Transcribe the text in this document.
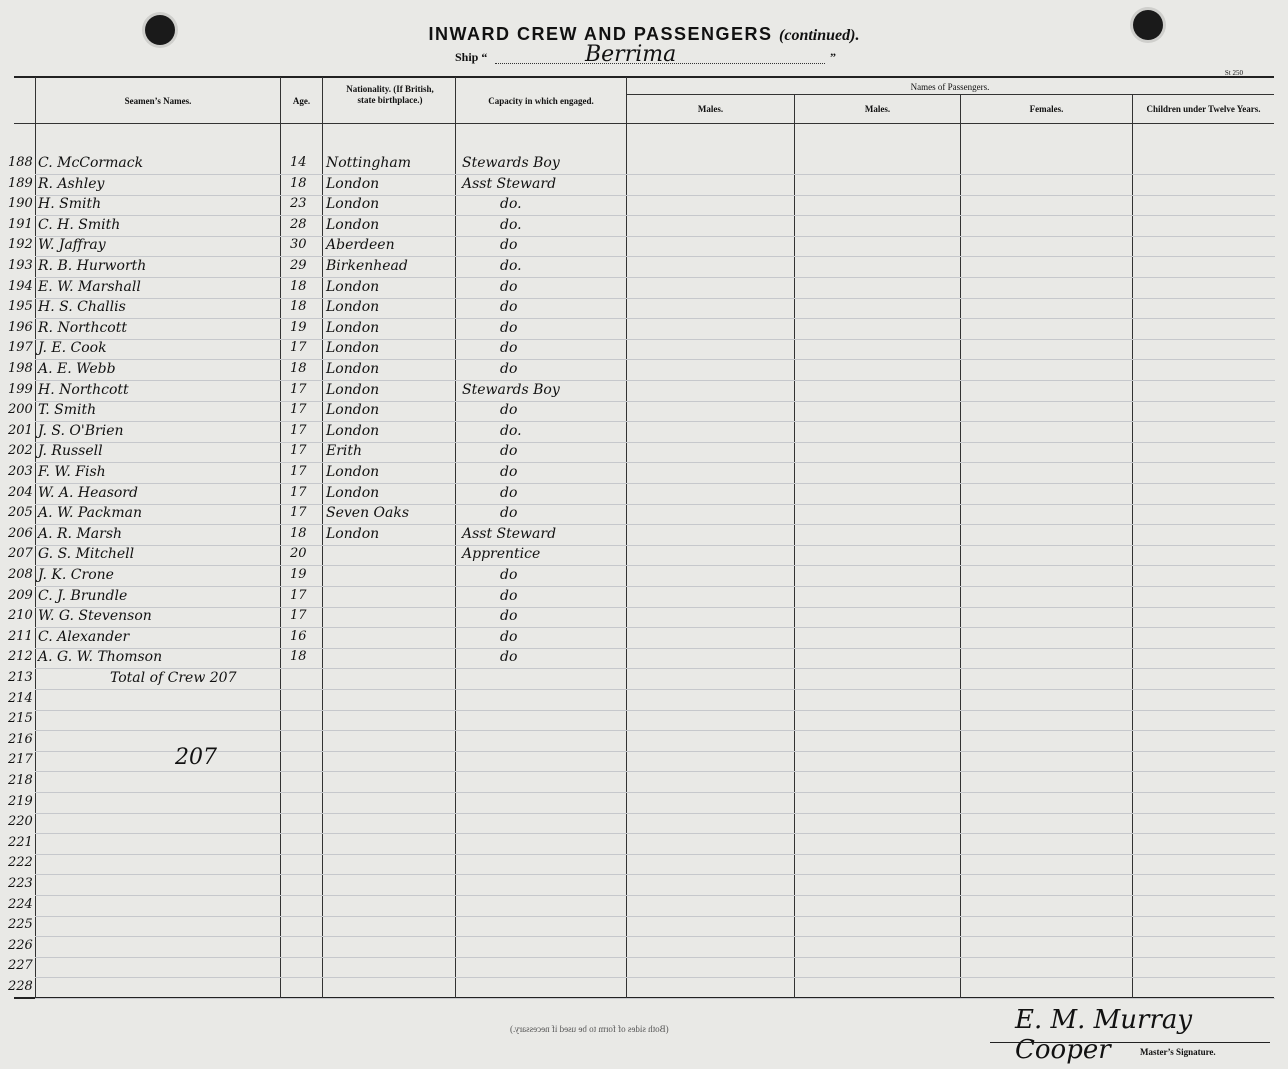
INWARD CREW AND PASSENGERS (continued).
Ship “	Berrima	”
St 250
Seamen’s Names.	Age.
Nationality. (If British, state birthplace.)	Capacity in which engaged.
Names of Passengers.
Males.	Males.	Females.	Children under Twelve Years.
188 C. McCormack	14 Nottingham	Stewards Boy
189 R. Ashley	18 London	Asst Steward
190 H. Smith	23 London	do.
191 C. H. Smith	28 London	do.
192 W. Jaffray	30 Aberdeen	do
193 R. B. Hurworth	29 Birkenhead	do.
194 E. W. Marshall	18 London	do
195 H. S. Challis	18 London	do
196 R. Northcott	19 London	do
197 J. E. Cook	17 London	do
198 A. E. Webb	18 London	do
199 H. Northcott	17 London	Stewards Boy
200 T. Smith	17 London	do
201 J. S. O'Brien	17 London	do.
202 J. Russell	17 Erith	do
203 F. W. Fish	17 London	do
204 W. A. Heasord	17 London	do
205 A. W. Packman	17 Seven Oaks	do
206 A. R. Marsh	18 London	Asst Steward
207 G. S. Mitchell	20	Apprentice
208 J. K. Crone	19	do
209 C. J. Brundle	17	do
210 W. G. Stevenson	17	do
211 C. Alexander	16	do
212 A. G. W. Thomson	18	do
213	Total of Crew 207
214
215
216
217
218
219
220
221
222
223
224
225
226
227
228
207
(Both sides of form to be used if necessary.)	E. M. Murray Cooper	Master’s Signature.
